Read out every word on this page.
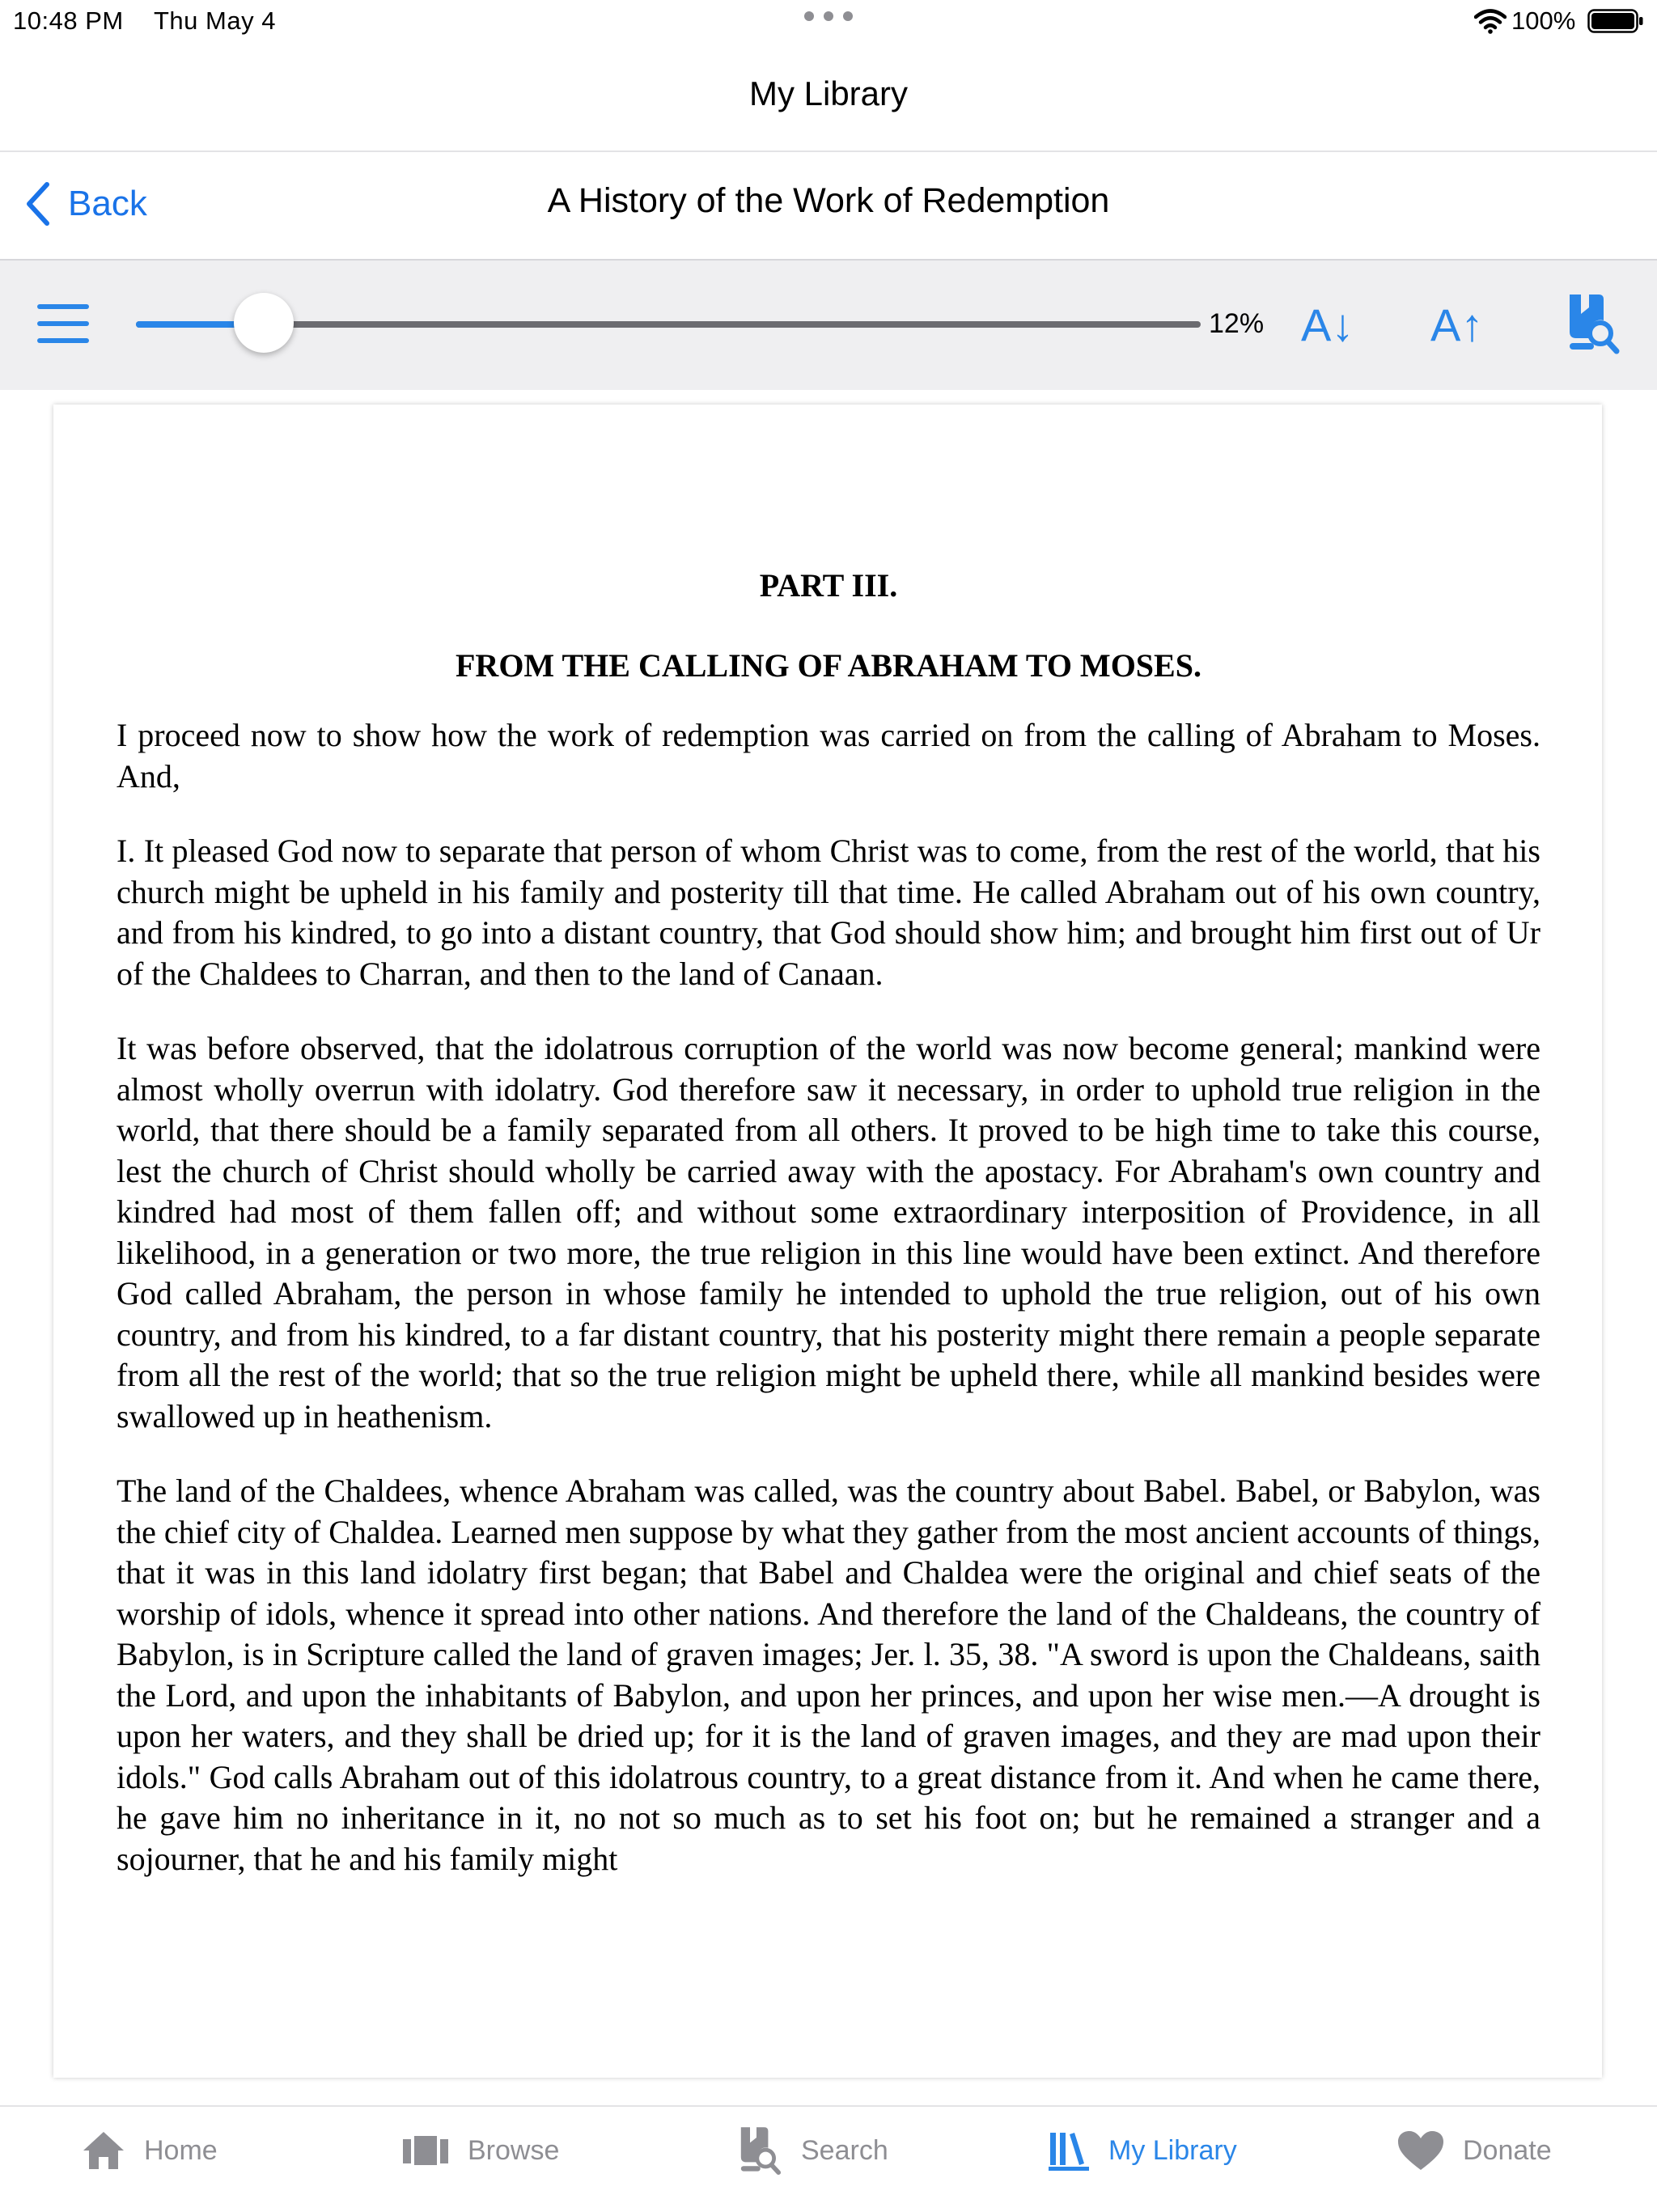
10:48 PM Thu May 4	100%
My Library
Back	A History of the Work of Redemption
12% A↓ A↑

PART III.

FROM THE CALLING OF ABRAHAM TO MOSES.

I proceed now to show how the work of redemption was carried on from the calling of Abraham to Moses. And,

I. It pleased God now to separate that person of whom Christ was to come, from the rest of the world, that his church might be upheld in his family and posterity till that time. He called Abraham out of his own country, and from his kindred, to go into a distant country, that God should show him; and brought him first out of Ur of the Chaldees to Charran, and then to the land of Canaan.

It was before observed, that the idolatrous corruption of the world was now become general; mankind were almost wholly overrun with idolatry. God therefore saw it necessary, in order to uphold true religion in the world, that there should be a family separated from all others. It proved to be high time to take this course, lest the church of Christ should wholly be carried away with the apostacy. For Abraham's own country and kindred had most of them fallen off; and without some extraordinary interposition of Providence, in all likelihood, in a generation or two more, the true religion in this line would have been extinct. And therefore God called Abraham, the person in whose family he intended to uphold the true religion, out of his own country, and from his kindred, to a far distant country, that his posterity might there remain a people separate from all the rest of the world; that so the true religion might be upheld there, while all mankind besides were swallowed up in heathenism.

The land of the Chaldees, whence Abraham was called, was the country about Babel. Babel, or Babylon, was the chief city of Chaldea. Learned men suppose by what they gather from the most ancient accounts of things, that it was in this land idolatry first began; that Babel and Chaldea were the original and chief seats of the worship of idols, whence it spread into other nations. And therefore the land of the Chaldeans, the country of Babylon, is in Scripture called the land of graven images; Jer. l. 35, 38. "A sword is upon the Chaldeans, saith the Lord, and upon the inhabitants of Babylon, and upon her princes, and upon her wise men.—A drought is upon her waters, and they shall be dried up; for it is the land of graven images, and they are mad upon their idols." God calls Abraham out of this idolatrous country, to a great distance from it. And when he came there, he gave him no inheritance in it, no not so much as to set his foot on; but he remained a stranger and a sojourner, that he and his family might

Home	Browse	Search	My Library	Donate
